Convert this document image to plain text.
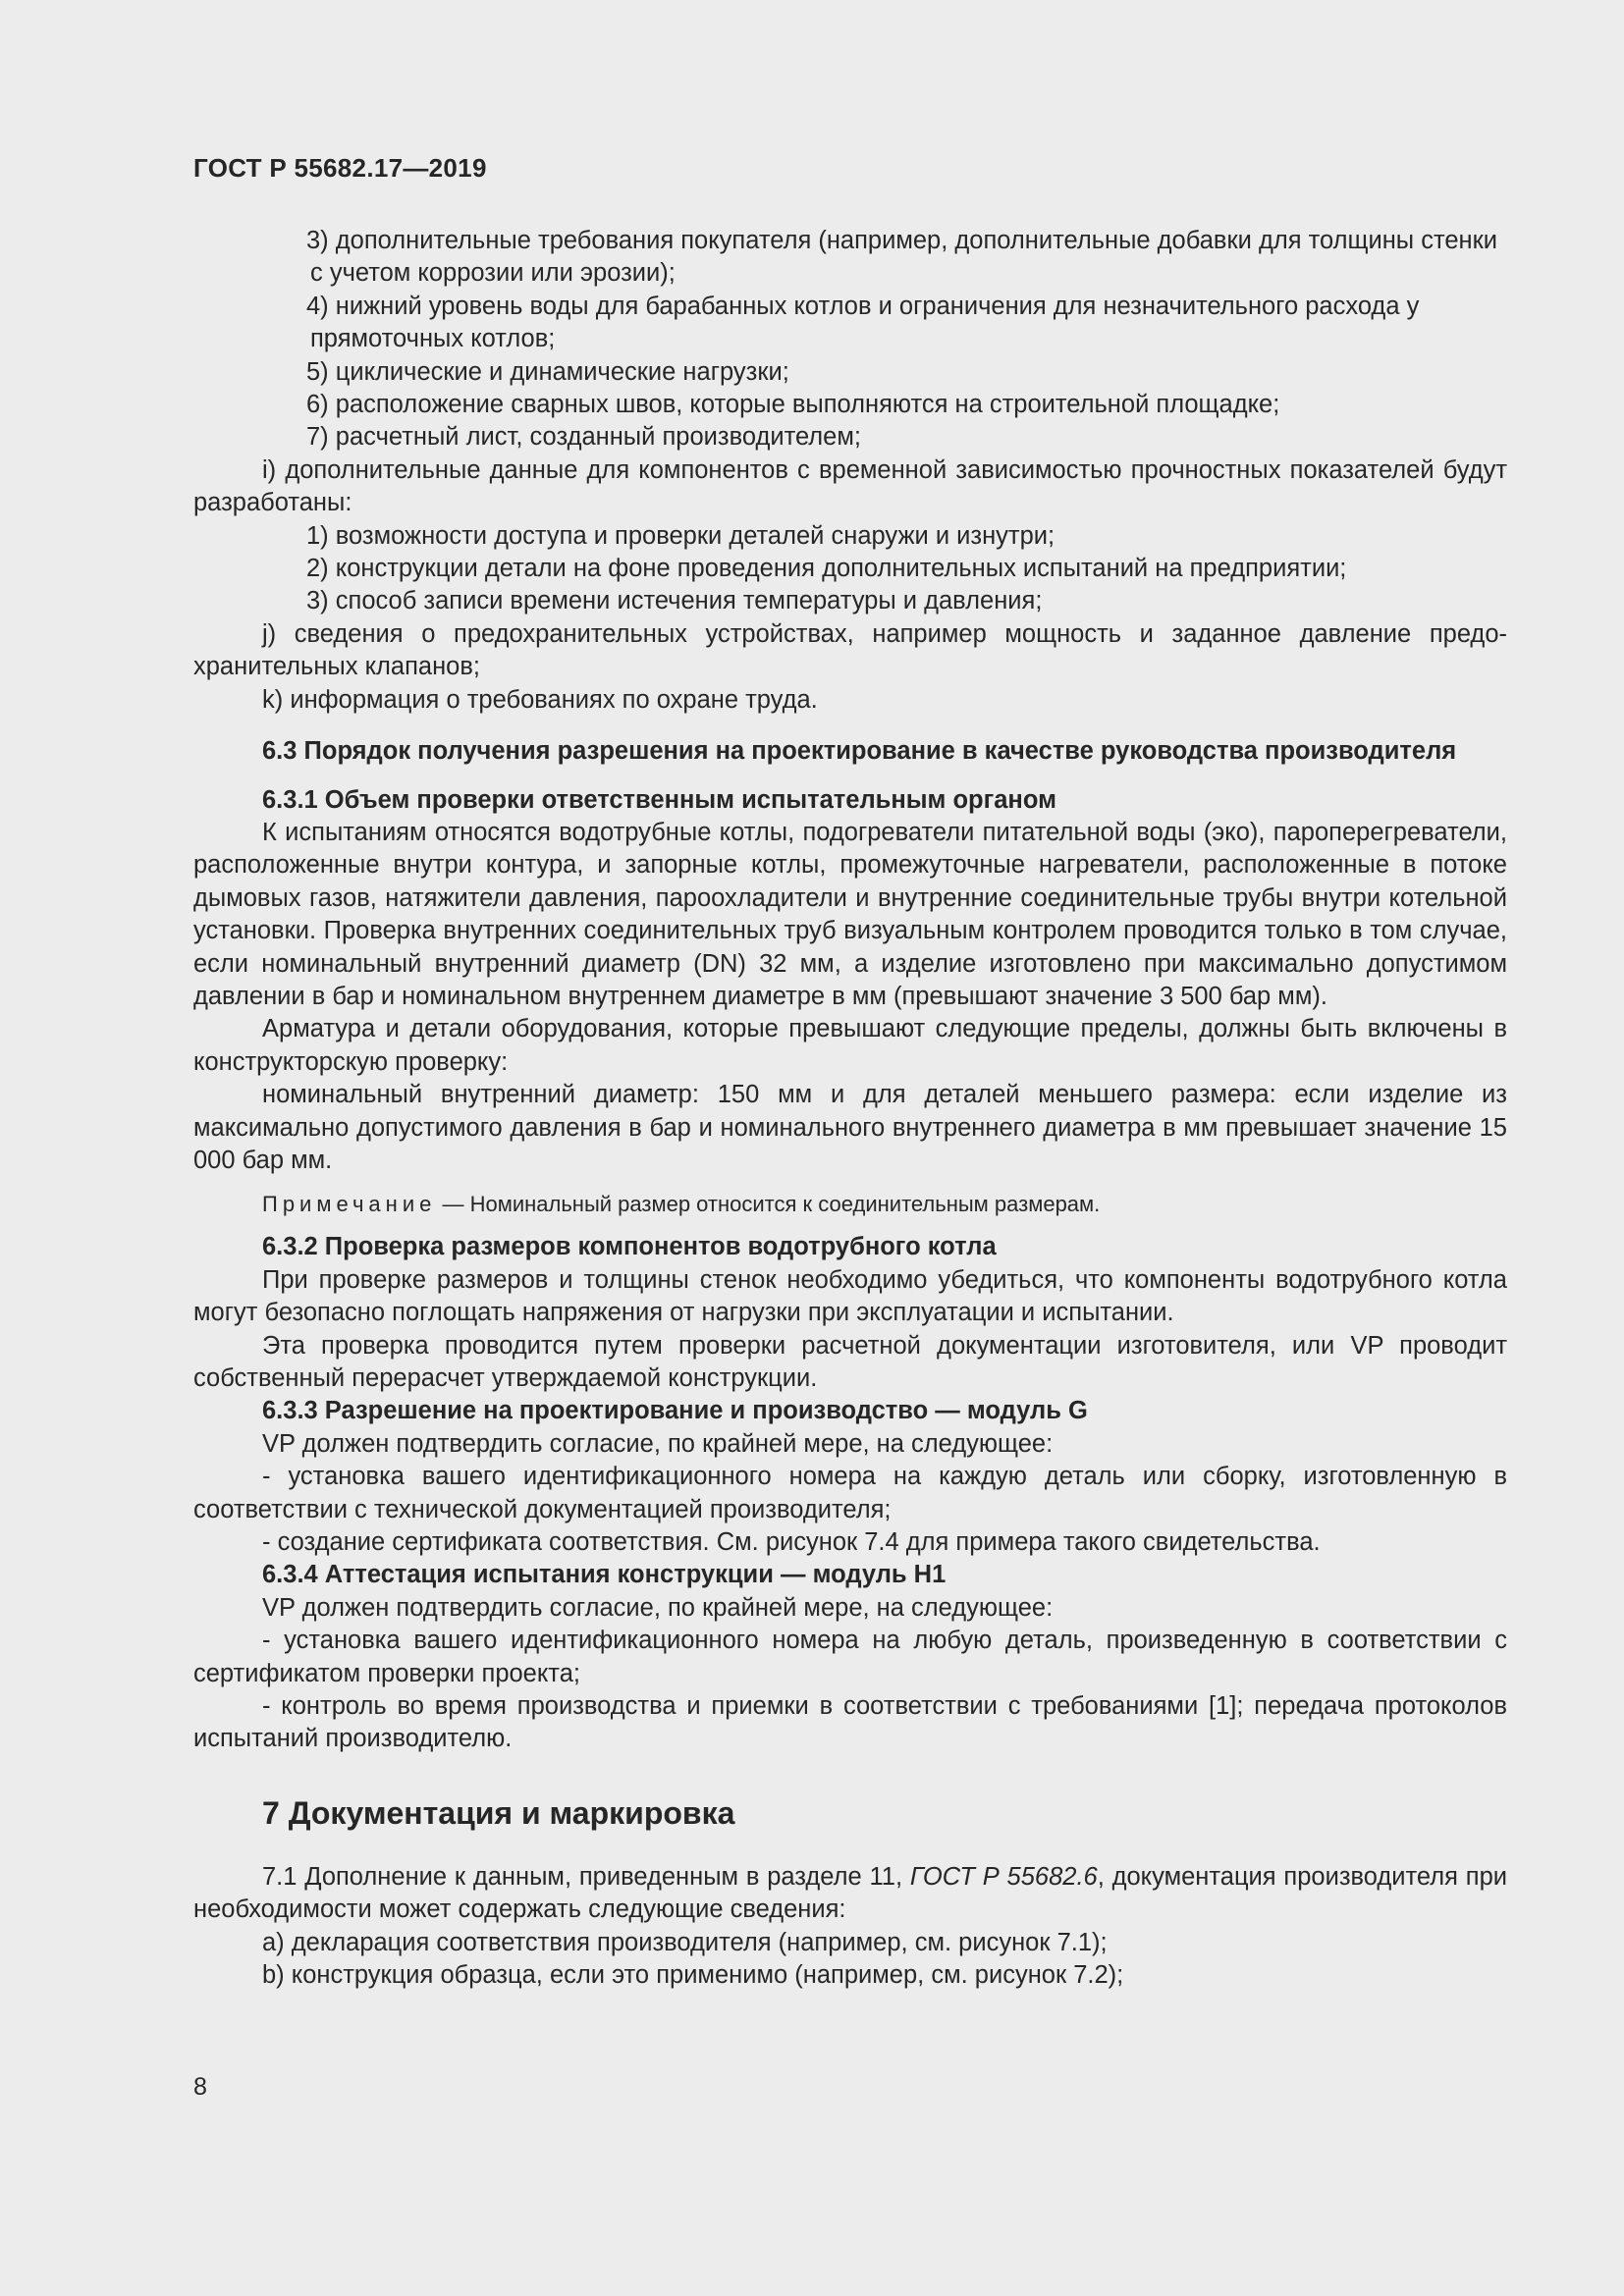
ГОСТ Р 55682.17—2019

3) дополнительные требования покупателя (например, дополнительные добавки для толщины стенки с учетом коррозии или эрозии);

4) нижний уровень воды для барабанных котлов и ограничения для незначительного расхода у прямоточных котлов;

5) циклические и динамические нагрузки;

6) расположение сварных швов, которые выполняются на строительной площадке;

7) расчетный лист, созданный производителем;

i) дополнительные данные для компонентов с временной зависимостью прочностных показателей будут разработаны:

1) возможности доступа и проверки деталей снаружи и изнутри;

2) конструкции детали на фоне проведения дополнительных испытаний на предприятии;

3) способ записи времени истечения температуры и давления;

j) сведения о предохранительных устройствах, например мощность и заданное давление предохранительных клапанов;

k) информация о требованиях по охране труда.

6.3 Порядок получения разрешения на проектирование в качестве руководства производителя

6.3.1 Объем проверки ответственным испытательным органом

К испытаниям относятся водотрубные котлы, подогреватели питательной воды (эко), пароперегреватели, расположенные внутри контура, и запорные котлы, промежуточные нагреватели, расположенные в потоке дымовых газов, натяжители давления, пароохладители и внутренние соединительные трубы внутри котельной установки. Проверка внутренних соединительных труб визуальным контролем проводится только в том случае, если номинальный внутренний диаметр (DN) 32 мм, а изделие изготовлено при максимально допустимом давлении в бар и номинальном внутреннем диаметре в мм (превышают значение 3 500 бар мм).

Арматура и детали оборудования, которые превышают следующие пределы, должны быть включены в конструкторскую проверку:

номинальный внутренний диаметр: 150 мм и для деталей меньшего размера: если изделие из максимально допустимого давления в бар и номинального внутреннего диаметра в мм превышает значение 15 000 бар мм.

Примечание — Номинальный размер относится к соединительным размерам.

6.3.2 Проверка размеров компонентов водотрубного котла

При проверке размеров и толщины стенок необходимо убедиться, что компоненты водотрубного котла могут безопасно поглощать напряжения от нагрузки при эксплуатации и испытании.

Эта проверка проводится путем проверки расчетной документации изготовителя, или VP проводит собственный перерасчет утверждаемой конструкции.

6.3.3 Разрешение на проектирование и производство — модуль G

VP должен подтвердить согласие, по крайней мере, на следующее:

- установка вашего идентификационного номера на каждую деталь или сборку, изготовленную в соответствии с технической документацией производителя;

- создание сертификата соответствия. См. рисунок 7.4 для примера такого свидетельства.

6.3.4 Аттестация испытания конструкции — модуль H1

VP должен подтвердить согласие, по крайней мере, на следующее:

- установка вашего идентификационного номера на любую деталь, произведенную в соответствии с сертификатом проверки проекта;

- контроль во время производства и приемки в соответствии с требованиями [1]; передача протоколов испытаний производителю.

7 Документация и маркировка

7.1 Дополнение к данным, приведенным в разделе 11, ГОСТ Р 55682.6, документация производителя при необходимости может содержать следующие сведения:

a) декларация соответствия производителя (например, см. рисунок 7.1);

b) конструкция образца, если это применимо (например, см. рисунок 7.2);

8
